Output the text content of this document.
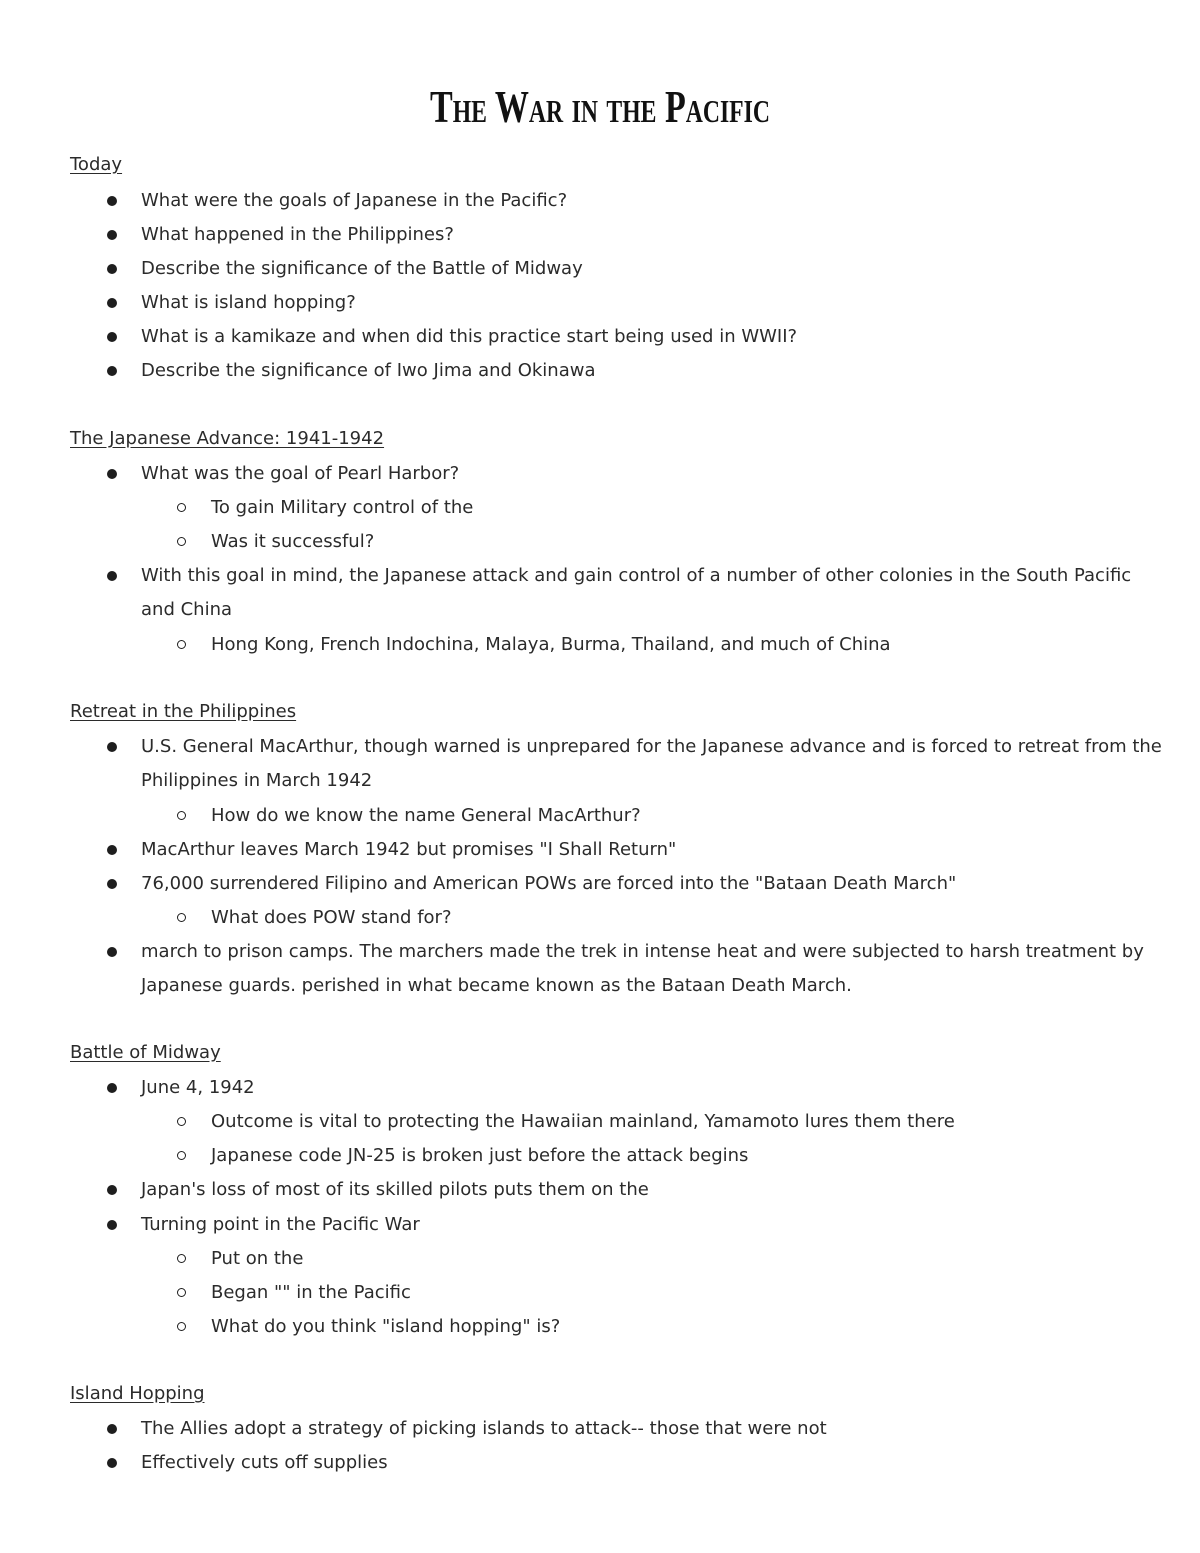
The War in the Pacific
Today
What were the goals of Japanese in the Pacific?
What happened in the Philippines?
Describe the significance of the Battle of Midway
What is island hopping?
What is a kamikaze and when did this practice start being used in WWII?
Describe the significance of Iwo Jima and Okinawa
The Japanese Advance: 1941-1942
What was the goal of Pearl Harbor?
To gain Military control of the
Was it successful?
With this goal in mind, the Japanese attack and gain control of a number of other colonies in the South Pacific
and China
Hong Kong, French Indochina, Malaya, Burma, Thailand, and much of China
Retreat in the Philippines
U.S. General MacArthur, though warned is unprepared for the Japanese advance and is forced to retreat from the
Philippines in March 1942
How do we know the name General MacArthur?
MacArthur leaves March 1942 but promises "I Shall Return"
76,000 surrendered Filipino and American POWs are forced into the "Bataan Death March"
What does POW stand for?
march to prison camps. The marchers made the trek in intense heat and were subjected to harsh treatment by
Japanese guards. perished in what became known as the Bataan Death March.
Battle of Midway
June 4, 1942
Outcome is vital to protecting the Hawaiian mainland, Yamamoto lures them there
Japanese code JN-25 is broken just before the attack begins
Japan's loss of most of its skilled pilots puts them on the
Turning point in the Pacific War
Put on the
Began "" in the Pacific
What do you think "island hopping" is?
Island Hopping
The Allies adopt a strategy of picking islands to attack-- those that were not
Effectively cuts off supplies
